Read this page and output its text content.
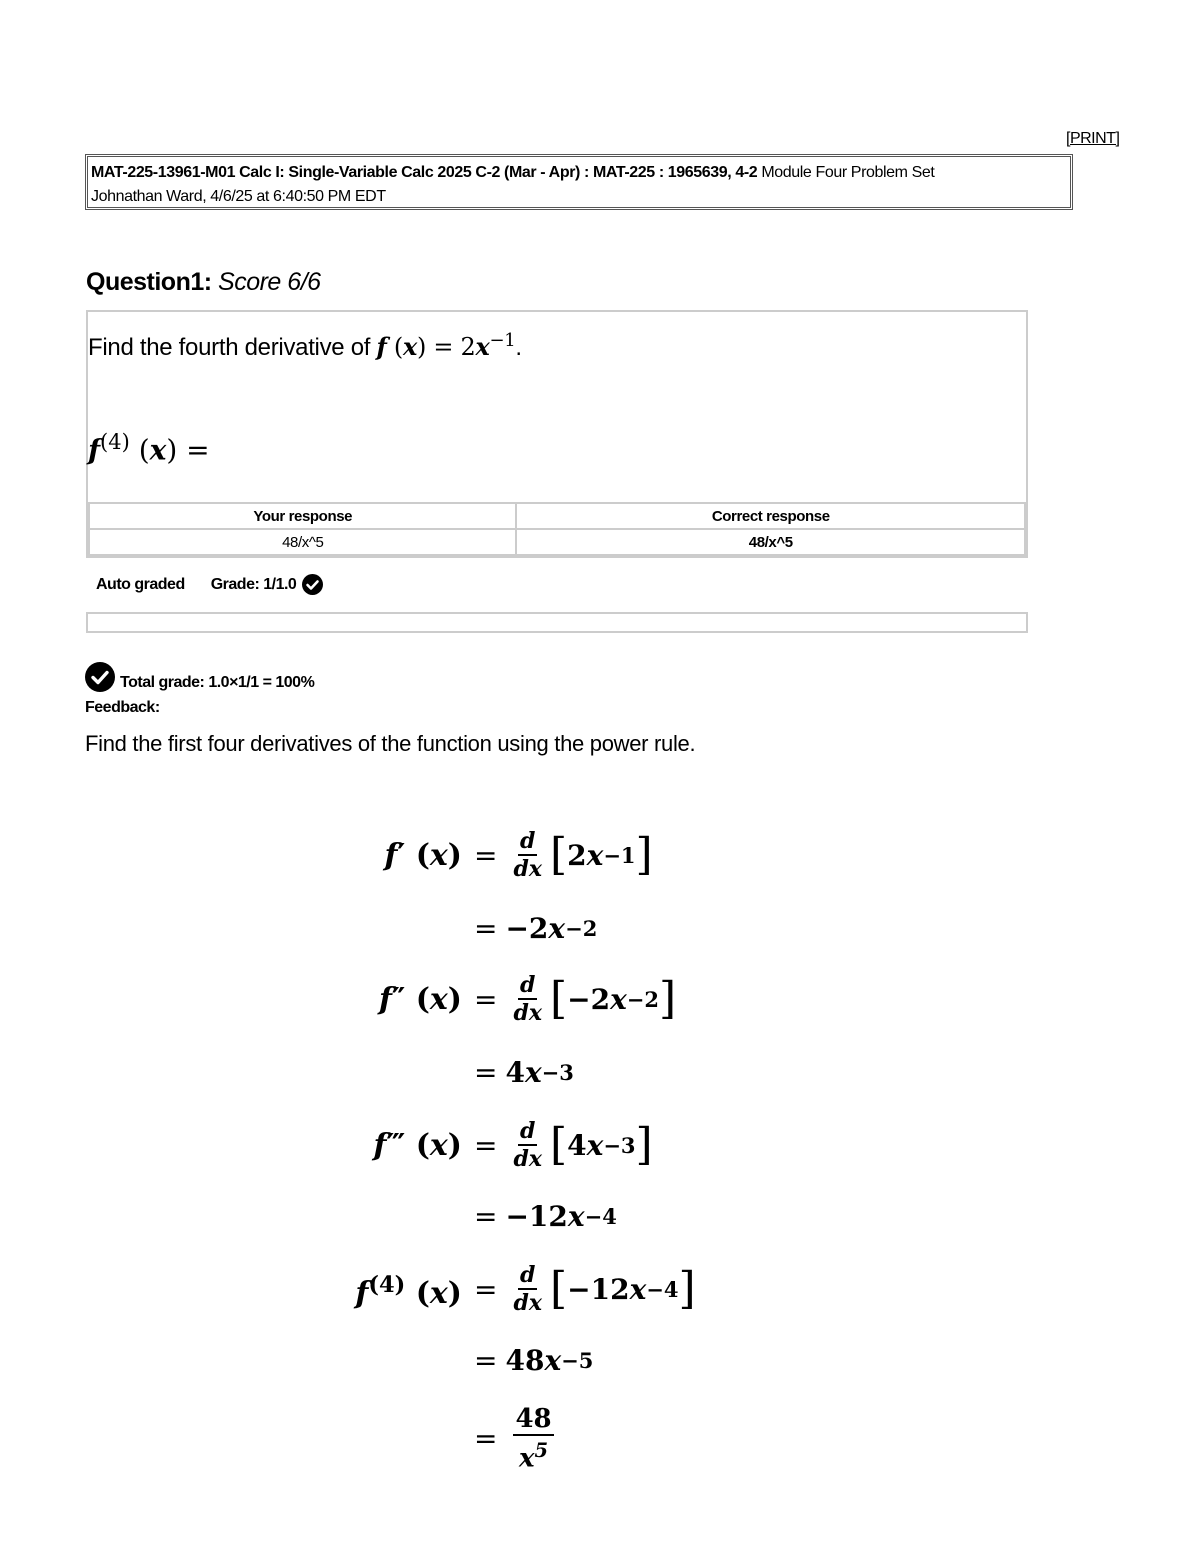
[PRINT]
MAT-225-13961-M01 Calc I: Single-Variable Calc 2025 C-2 (Mar - Apr) : MAT-225 : 1965639, 4-2 Module Four Problem Set
Johnathan Ward, 4/6/25 at 6:40:50 PM EDT
Question1: Score 6/6
Find the fourth derivative of f $(x) = 2x^{-1}$.
$f^{(4)}$ (x) =
Your response	Correct response
48/x^5	48/x^5
Auto graded Grade: 1/1.0
Total grade: 1.0×1/1 = 100%
Feedback:
Find the first four derivatives of the function using the power rule.
f′ $(x) = \frac{d}{dx}$ [ 2 x −1 ]
= −2 x −2
f″ $(x) = \frac{d}{dx}$ [ −2 x −2 ]
= 4 x −3
f‴ $(x) = \frac{d}{dx}$ [ 4 x −3 ]
= −12 x −4
$f^{(4)}$ $(x) = \frac{d}{dx}$ [ −12 x −4 ]
= 48 x −5
= $\frac{48}{x^5}$
